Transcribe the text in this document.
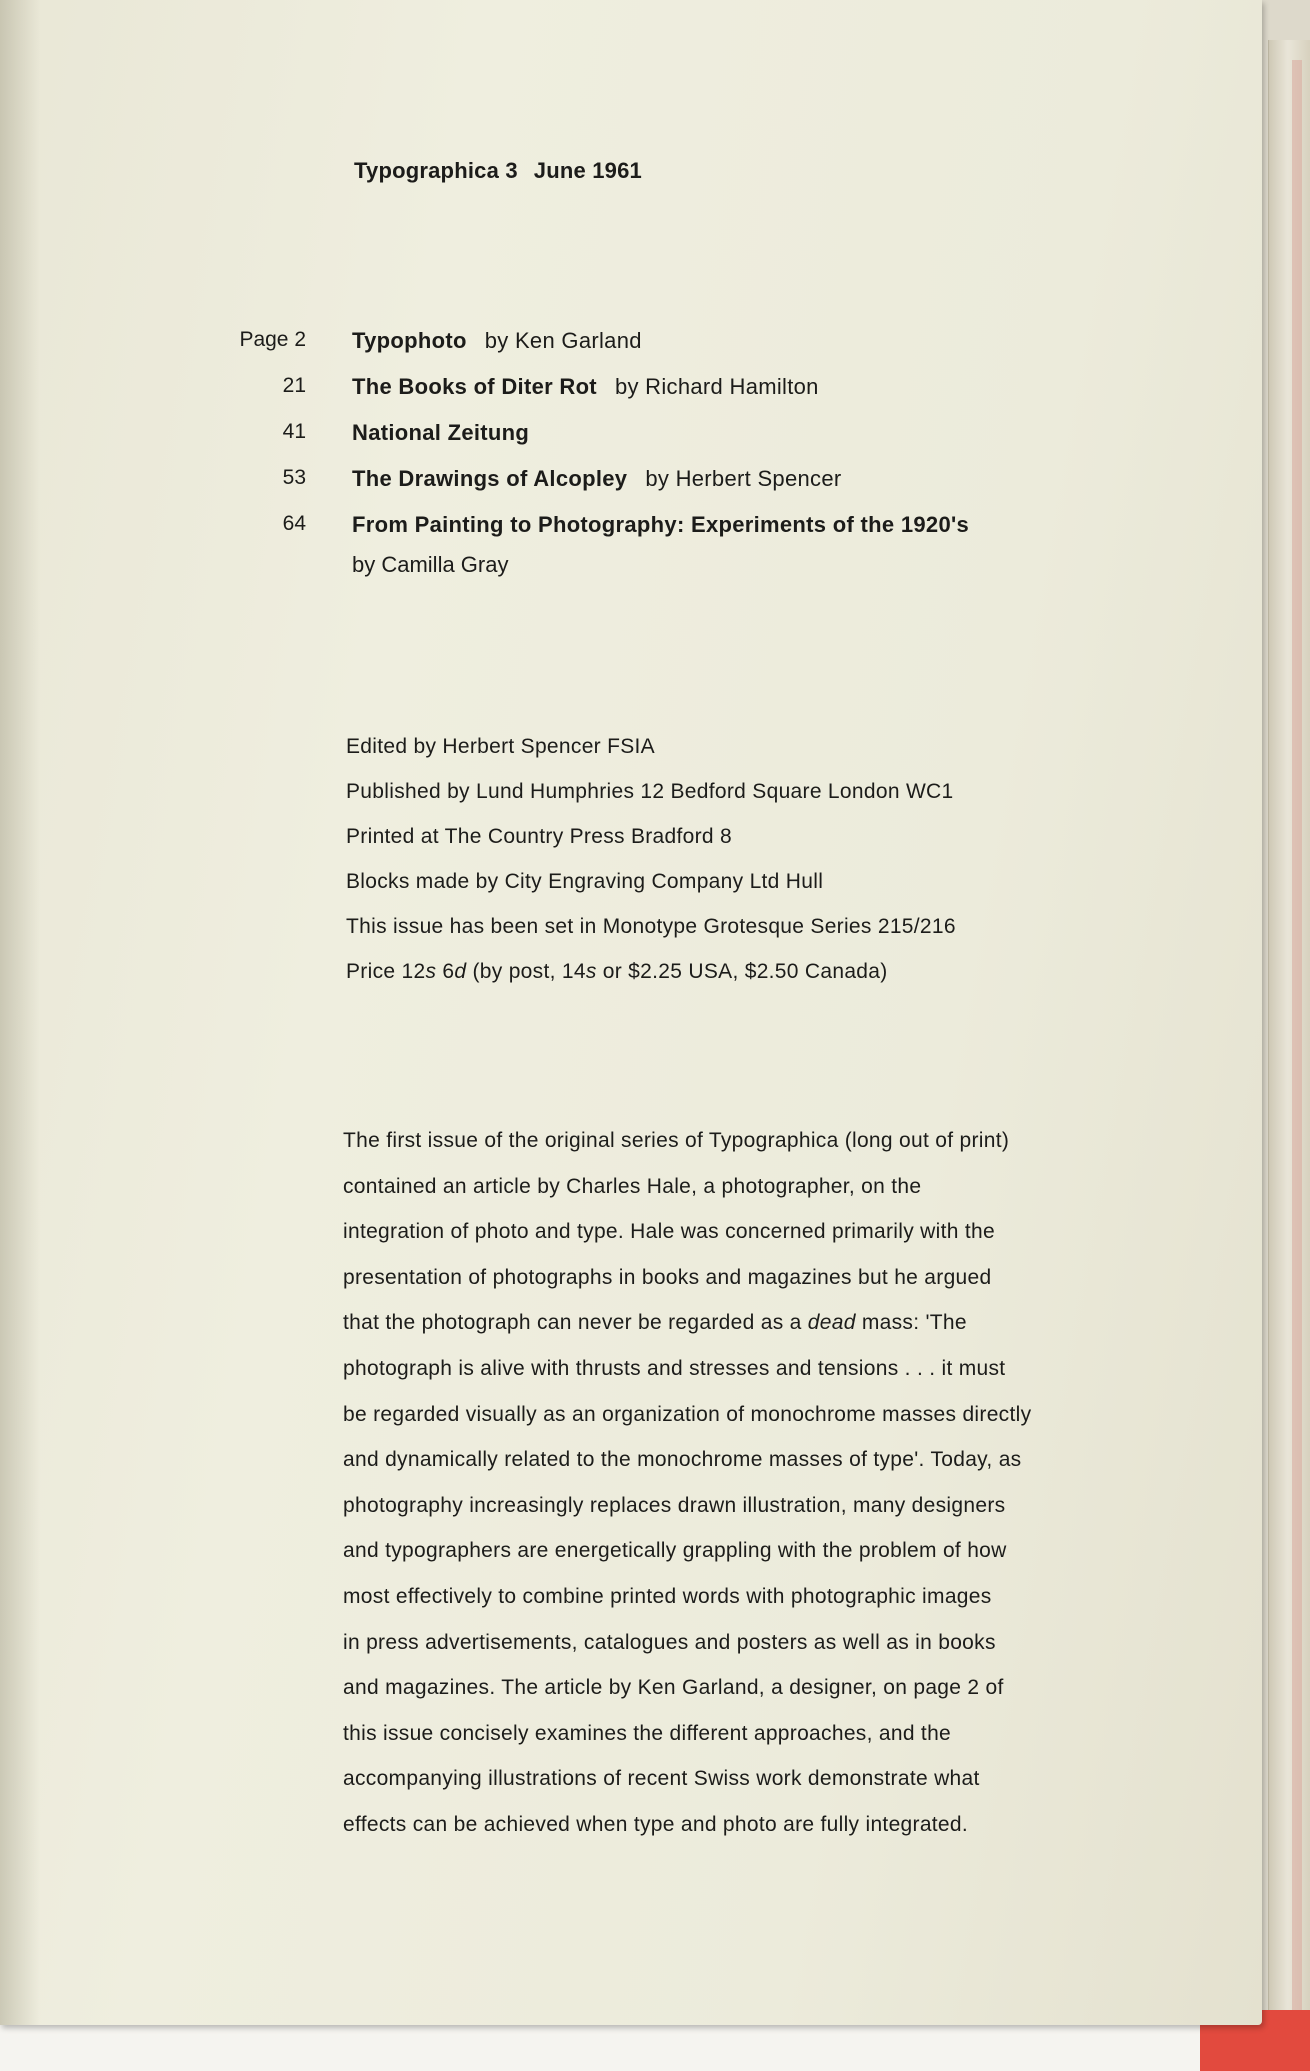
Typographica 3 June 1961
Page 2 Typophoto by Ken Garland
21 The Books of Diter Rot by Richard Hamilton
41 National Zeitung
53 The Drawings of Alcopley by Herbert Spencer
64 From Painting to Photography: Experiments of the 1920's
by Camilla Gray
Edited by Herbert Spencer FSIA
Published by Lund Humphries 12 Bedford Square London WC1
Printed at The Country Press Bradford 8
Blocks made by City Engraving Company Ltd Hull
This issue has been set in Monotype Grotesque Series 215/216
Price 12s 6d (by post, 14s or $2.25 USA, $2.50 Canada)
The first issue of the original series of Typographica (long out of print)
contained an article by Charles Hale, a photographer, on the
integration of photo and type. Hale was concerned primarily with the
presentation of photographs in books and magazines but he argued
that the photograph can never be regarded as a dead mass: 'The
photograph is alive with thrusts and stresses and tensions . . . it must
be regarded visually as an organization of monochrome masses directly
and dynamically related to the monochrome masses of type'. Today, as
photography increasingly replaces drawn illustration, many designers
and typographers are energetically grappling with the problem of how
most effectively to combine printed words with photographic images
in press advertisements, catalogues and posters as well as in books
and magazines. The article by Ken Garland, a designer, on page 2 of
this issue concisely examines the different approaches, and the
accompanying illustrations of recent Swiss work demonstrate what
effects can be achieved when type and photo are fully integrated.
